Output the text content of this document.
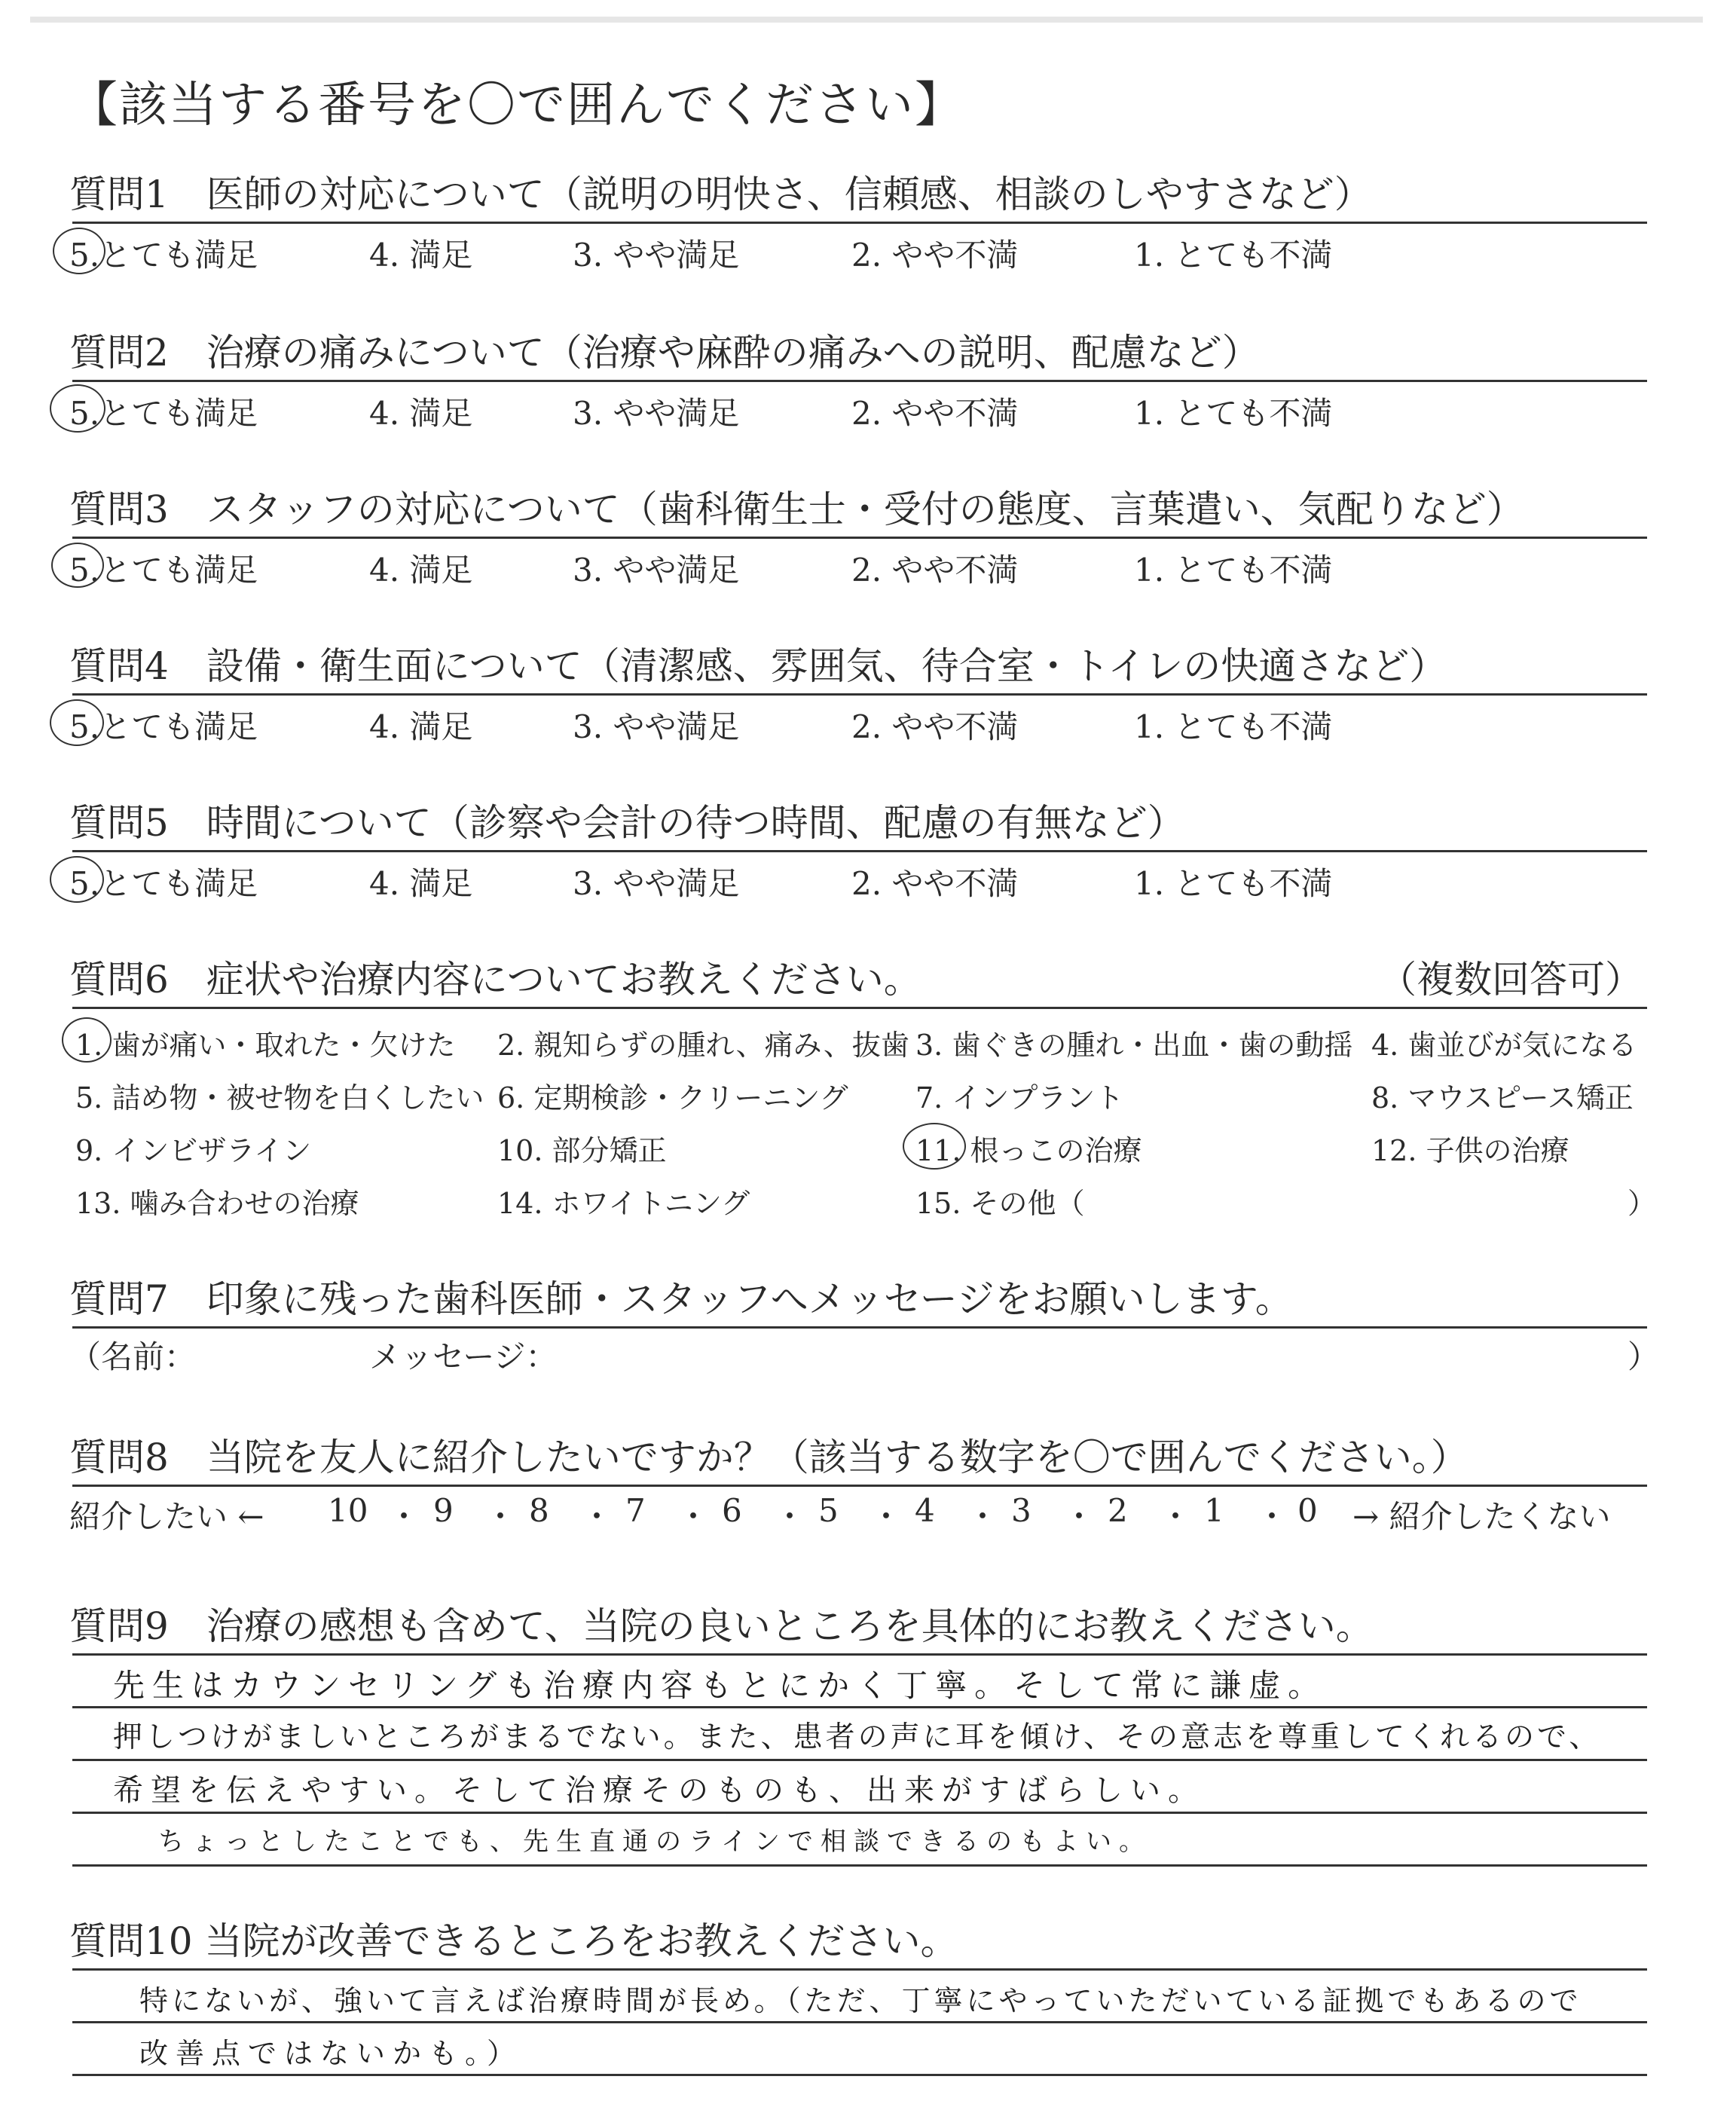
【該当する番号を〇で囲んでください】
質問1　医師の対応について（説明の明快さ、信頼感、相談のしやすさなど）
5.とても満足	4. 満足	3. やや満足	2. やや不満	1. とても不満
質問2　治療の痛みについて（治療や麻酔の痛みへの説明、配慮など）
5.とても満足	4. 満足	3. やや満足	2. やや不満	1. とても不満
質問3　スタッフの対応について（歯科衛生士・受付の態度、言葉遣い、気配りなど）
5.とても満足	4. 満足	3. やや満足	2. やや不満	1. とても不満
質問4　設備・衛生面について（清潔感、雰囲気、待合室・トイレの快適さなど）
5.とても満足	4. 満足	3. やや満足	2. やや不満	1. とても不満
質問5　時間について（診察や会計の待つ時間、配慮の有無など）
5.とても満足	4. 満足	3. やや満足	2. やや不満	1. とても不満
質問6　症状や治療内容についてお教えください。	（複数回答可）
1. 歯が痛い・取れた・欠けた 2. 親知らずの腫れ、痛み、抜歯 3. 歯ぐきの腫れ・出血・歯の動揺 4. 歯並びが気になる
5. 詰め物・被せ物を白くしたい 6. 定期検診・クリーニング 7. インプラント	8. マウスピース矯正
9. インビザライン	10. 部分矯正	11. 根っこの治療	12. 子供の治療
13. 噛み合わせの治療	14. ホワイトニング	15. その他（	）
質問7　印象に残った歯科医師・スタッフへメッセージをお願いします。
（名前：	メッセージ：	）
質問8　当院を友人に紹介したいですか？（該当する数字を〇で囲んでください。）
紹介したい ← 10 9 8 7 6 5 4 3 2 1 0
・ ・ ・ ・ ・ ・ ・ ・ ・ ・ → 紹介したくない
質問9　治療の感想も含めて、当院の良いところを具体的にお教えください。
先生はカウンセリングも治療内容もとにかく丁寧。そして常に謙虚。
押しつけがましいところがまるでない。また、患者の声に耳を傾け、その意志を尊重してくれるので、
希望を伝えやすい。そして治療そのものも、出来がすばらしい。
ちょっとしたことでも、先生直通のラインで相談できるのもよい。
質問10 当院が改善できるところをお教えください。
特にないが、強いて言えば治療時間が長め。（ただ、丁寧にやっていただいている証拠でもあるので
改善点ではないかも。）
